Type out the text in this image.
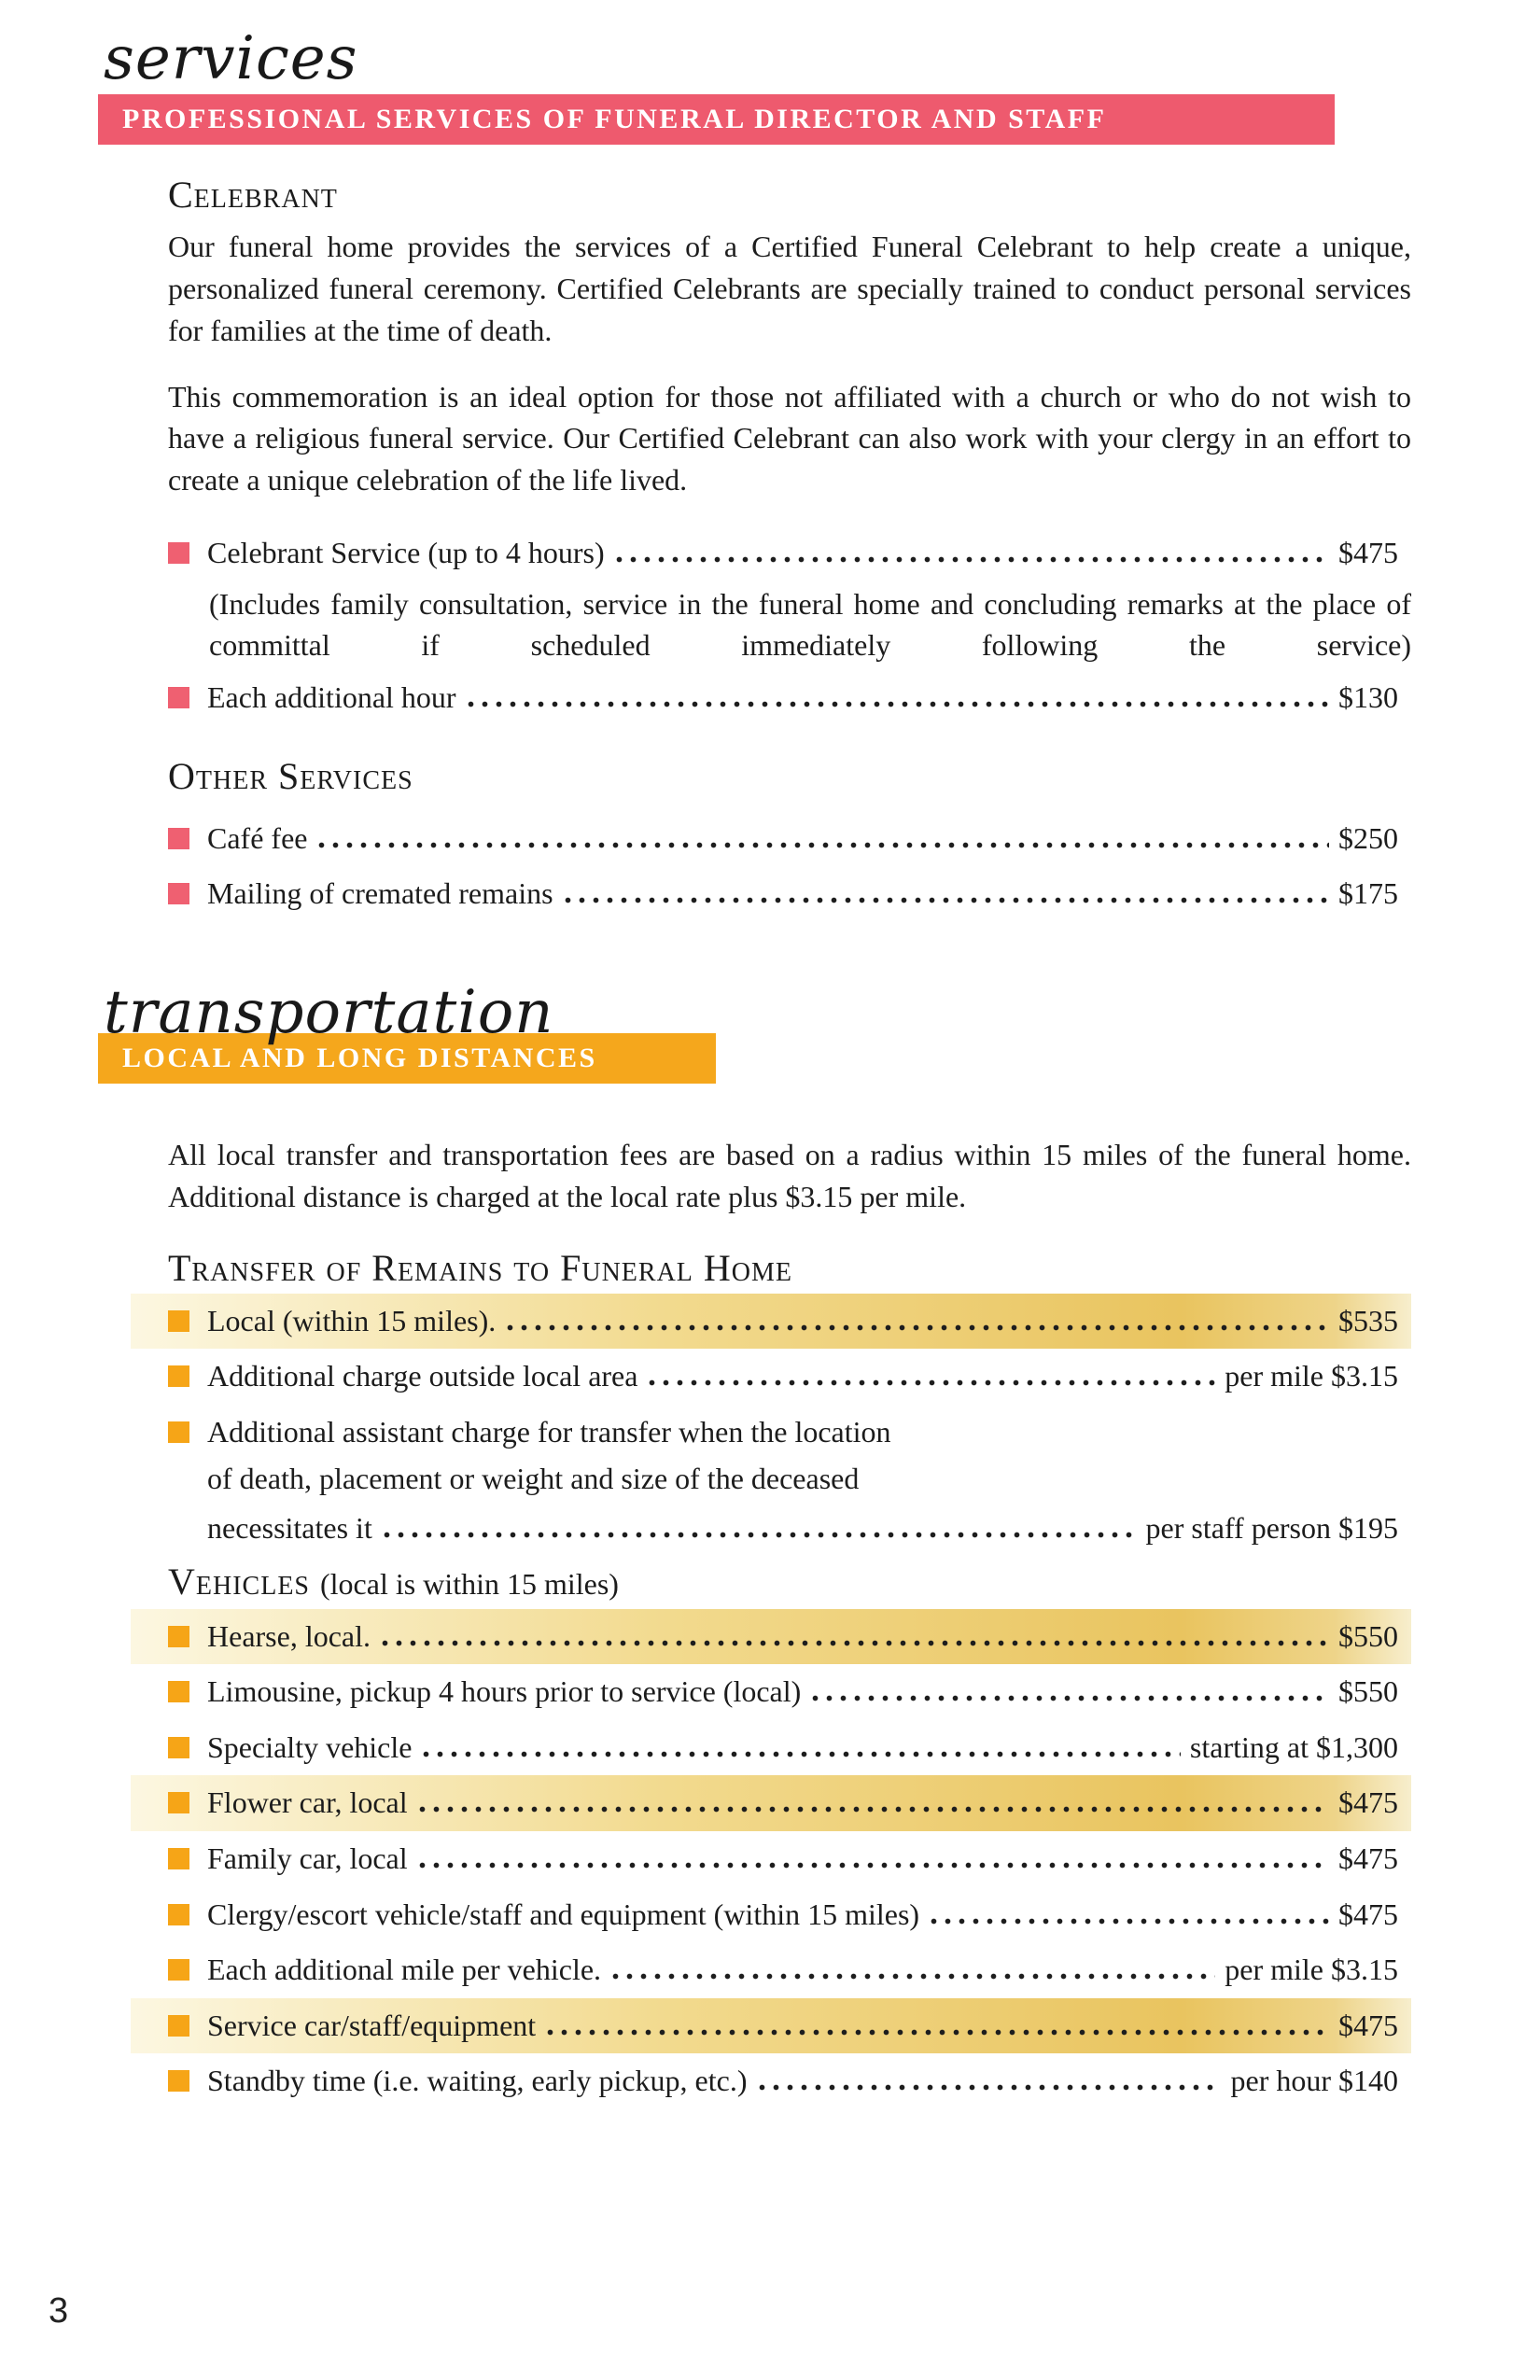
services
PROFESSIONAL SERVICES OF FUNERAL DIRECTOR AND STAFF
Celebrant

Our funeral home provides the services of a Certified Funeral Celebrant to help create a unique, personalized funeral ceremony. Certified Celebrants are specially trained to conduct personal services for families at the time of death.

This commemoration is an ideal option for those not affiliated with a church or who do not wish to have a religious funeral service. Our Certified Celebrant can also work with your clergy in an effort to create a unique celebration of the life lived.

Celebrant Service (up to 4 hours)	$475
(Includes family consultation, service in the funeral home and concluding remarks at the place of committal if scheduled immediately following the service)
Each additional hour	$130
Other Services
Café fee	$250
Mailing of cremated remains	$175
transportation
LOCAL AND LONG DISTANCES

All local transfer and transportation fees are based on a radius within 15 miles of the funeral home. Additional distance is charged at the local rate plus $3.15 per mile.

Transfer of Remains to Funeral Home
Local (within 15 miles).	$535
Additional charge outside local area	per mile $3.15
Additional assistant charge for transfer when the location
of death, placement or weight and size of the deceased
necessitates it	per staff person $195
Vehicles (local is within 15 miles)
Hearse, local.	$550
Limousine, pickup 4 hours prior to service (local)	$550
Specialty vehicle	starting at $1,300
Flower car, local	$475
Family car, local	$475
Clergy/escort vehicle/staff and equipment (within 15 miles)	$475
Each additional mile per vehicle.	per mile $3.15
Service car/staff/equipment	$475
Standby time (i.e. waiting, early pickup, etc.)	per hour $140
3
